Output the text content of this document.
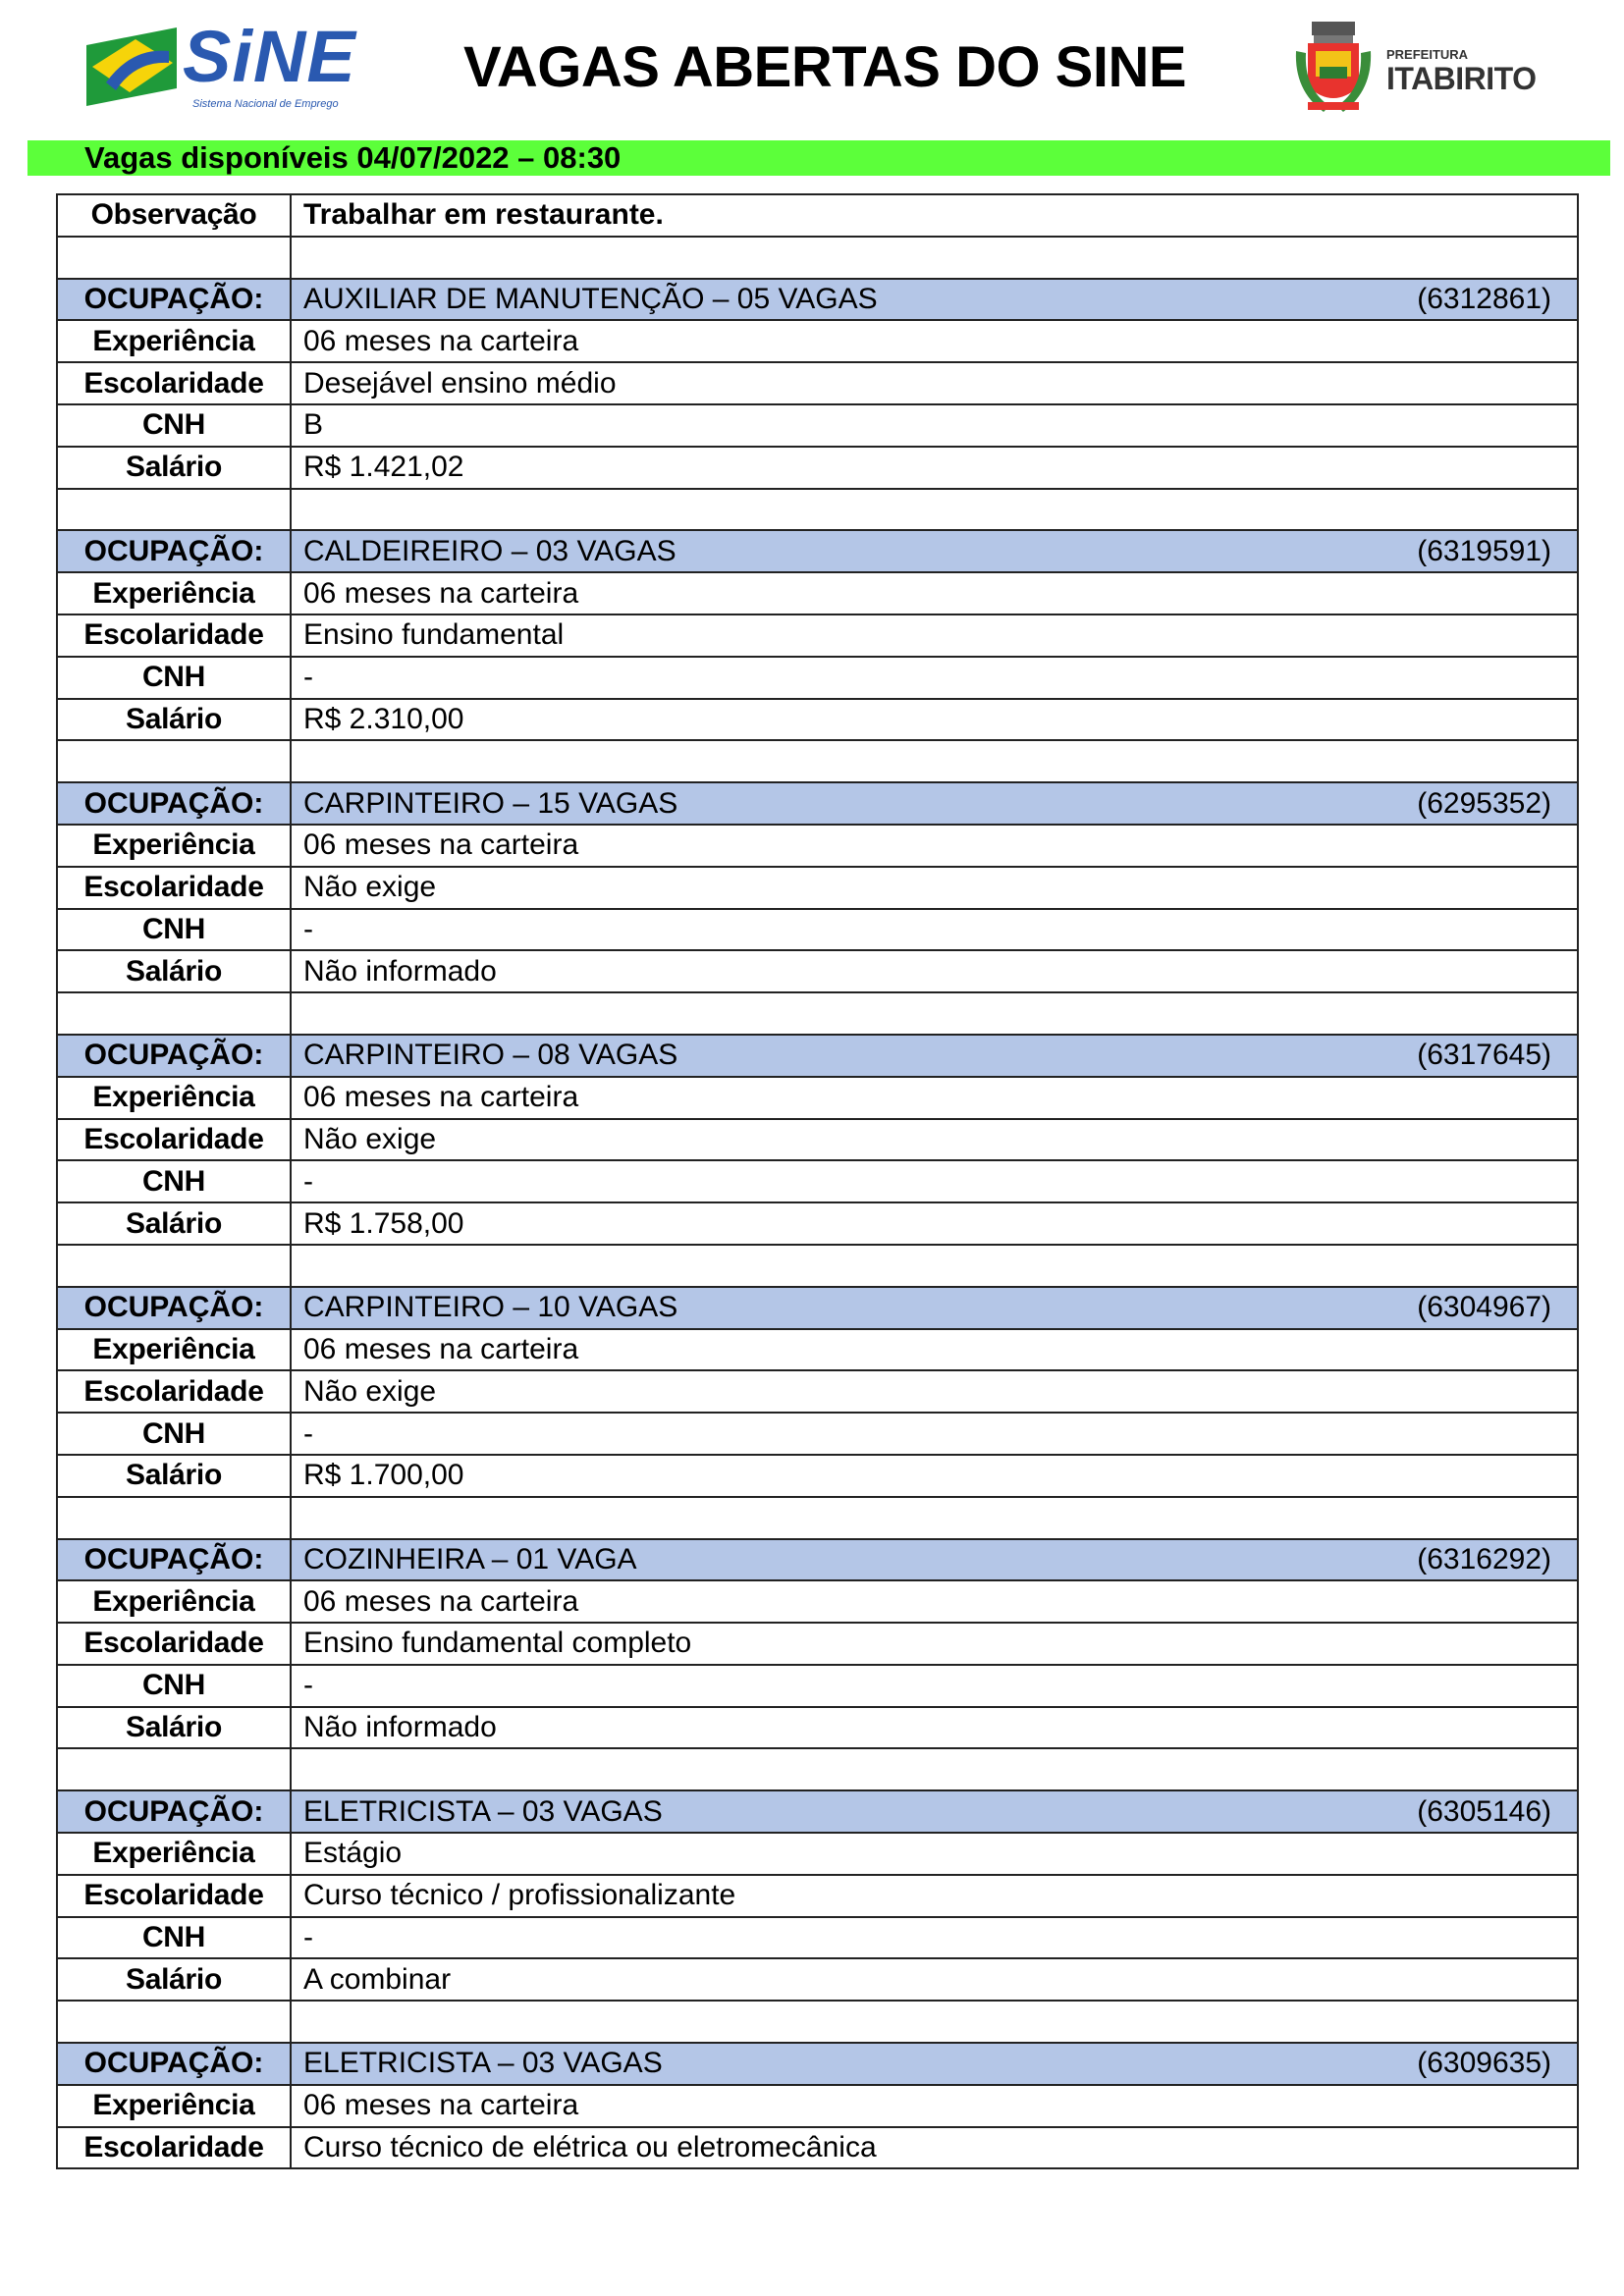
SiNE
Sistema Nacional de Emprego
VAGAS ABERTAS DO SINE	PREFEITURA
ITABIRITO
Vagas disponíveis 04/07/2022 – 08:30
Observação	Trabalhar em restaurante.

OCUPAÇÃO:	AUXILIAR DE MANUTENÇÃO – 05 VAGAS (6312861)

Experiência	06 meses na carteira
Escolaridade	Desejável ensino médio
CNH	B
Salário	R$ 1.421,02

OCUPAÇÃO:	CALDEIREIRO – 03 VAGAS (6319591)

Experiência	06 meses na carteira
Escolaridade	Ensino fundamental
CNH	-
Salário	R$ 2.310,00

OCUPAÇÃO:	CARPINTEIRO – 15 VAGAS (6295352)

Experiência	06 meses na carteira
Escolaridade	Não exige
CNH	-
Salário	Não informado

OCUPAÇÃO:	CARPINTEIRO – 08 VAGAS (6317645)

Experiência	06 meses na carteira
Escolaridade	Não exige
CNH	-
Salário	R$ 1.758,00

OCUPAÇÃO:	CARPINTEIRO – 10 VAGAS (6304967)

Experiência	06 meses na carteira
Escolaridade	Não exige
CNH	-
Salário	R$ 1.700,00

OCUPAÇÃO:	COZINHEIRA – 01 VAGA (6316292)

Experiência	06 meses na carteira
Escolaridade	Ensino fundamental completo
CNH	-
Salário	Não informado

OCUPAÇÃO:	ELETRICISTA – 03 VAGAS (6305146)

Experiência	Estágio
Escolaridade	Curso técnico / profissionalizante
CNH	-
Salário	A combinar

OCUPAÇÃO:	ELETRICISTA – 03 VAGAS (6309635)

Experiência	06 meses na carteira
Escolaridade	Curso técnico de elétrica ou eletromecânica
